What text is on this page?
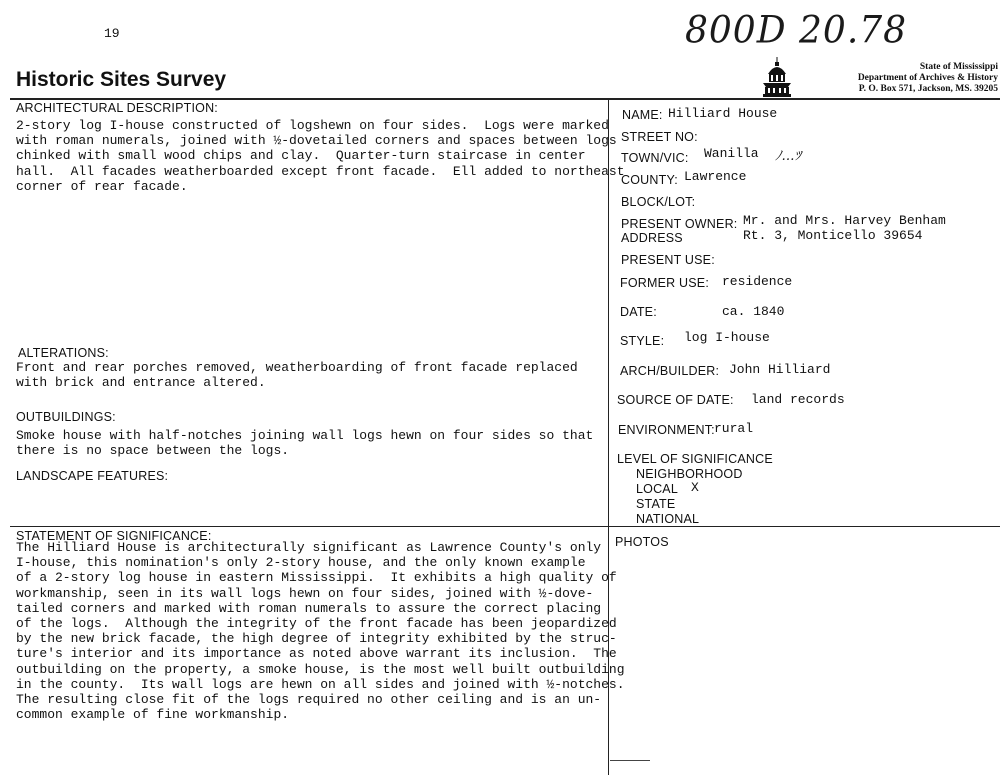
19	800D 20.78
Historic Sites Survey
State of Mississippi
Department of Archives & History
P. O. Box 571, Jackson, MS. 39205
ARCHITECTURAL DESCRIPTION:
2-story log I-house constructed of logshewn on four sides.  Logs were marked
with roman numerals, joined with ½-dovetailed corners and spaces between logs
chinked with small wood chips and clay.  Quarter-turn staircase in center
hall.  All facades weatherboarded except front facade.  Ell added to northeast
corner of rear facade.
ALTERATIONS:
Front and rear porches removed, weatherboarding of front facade replaced
with brick and entrance altered.
OUTBUILDINGS:
Smoke house with half-notches joining wall logs hewn on four sides so that
there is no space between the logs.
LANDSCAPE FEATURES:
STATEMENT OF SIGNIFICANCE:
The Hilliard House is architecturally significant as Lawrence County's only
I-house, this nomination's only 2-story house, and the only known example
of a 2-story log house in eastern Mississippi.  It exhibits a high quality of
workmanship, seen in its wall logs hewn on four sides, joined with ½-dove-
tailed corners and marked with roman numerals to assure the correct placing
of the logs.  Although the integrity of the front facade has been jeopardized
by the new brick facade, the high degree of integrity exhibited by the struc-
ture's interior and its importance as noted above warrant its inclusion.  The
outbuilding on the property, a smoke house, is the most well built outbuilding
in the county.  Its wall logs are hewn on all sides and joined with ½-notches.
The resulting close fit of the logs required no other ceiling and is an un-
common example of fine workmanship.
NAME: Hilliard House
STREET NO:
TOWN/VIC: Wanilla ﾉ…ﾂ
COUNTY: Lawrence
BLOCK/LOT:
PRESENT OWNER: Mr. and Mrs. Harvey Benham
ADDRESS	Rt. 3, Monticello 39654
PRESENT USE:
FORMER USE: residence
DATE:	ca. 1840
STYLE: log I-house
ARCH/BUILDER: John Hilliard
SOURCE OF DATE: land records
ENVIRONMENT: rural
LEVEL OF SIGNIFICANCE
NEIGHBORHOOD
LOCAL X
STATE
NATIONAL
PHOTOS
